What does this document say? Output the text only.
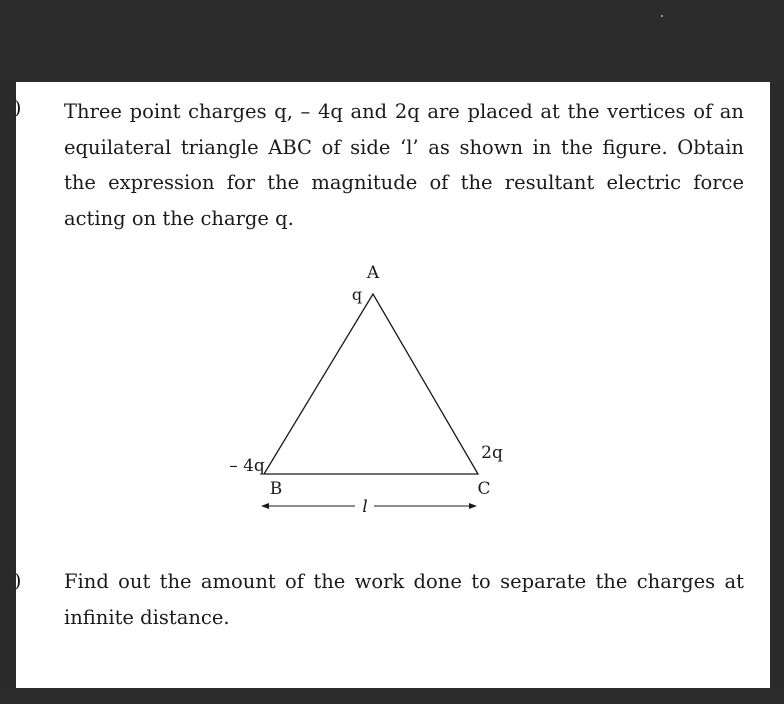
) Three point charges q, – 4q and 2q are placed at the vertices of an
equilateral triangle ABC of side ‘l’ as shown in the figure. Obtain
the expression for the magnitude of the resultant electric force
acting on the charge q.
A
q
– 4q
B
2q
C
l
) Find out the amount of the work done to separate the charges at
infinite distance.
